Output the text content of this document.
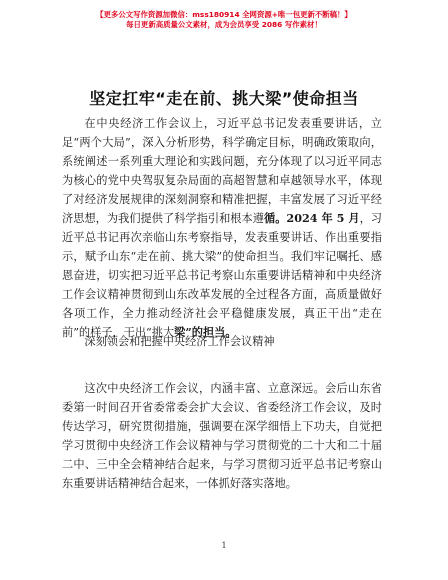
【更多公文写作资源加微信：mss180914 全网资源+唯一包更新不断稿！】
每日更新高质量公文素材，成为会员享受 2086 写作素材！
坚定扛牢“走在前、挑大梁”使命担当

在中央经济工作会议上，习近平总书记发表重要讲话，立足“两个大局”，深入分析形势，科学确定目标，明确政策取向，系统阐述一系列重大理论和实践问题，充分体现了以习近平同志为核心的党中央驾驭复杂局面的高超智慧和卓越领导水平，体现了对经济发展规律的深刻洞察和精准把握，丰富发展了习近平经济思想，为我们提供了科学指引和根本遵循。2024 年 5 月，习近平总书记再次亲临山东考察指导，发表重要讲话、作出重要指示，赋予山东“走在前、挑大梁”的使命担当。我们牢记嘱托、感恩奋进，切实把习近平总书记考察山东重要讲话精神和中央经济工作会议精神贯彻到山东改革发展的全过程各方面，高质量做好各项工作，全力推动经济社会平稳健康发展，真正干出“走在前”的样子，干出“挑大梁”的担当。

深刻领会和把握中央经济工作会议精神

这次中央经济工作会议，内涵丰富、立意深远。会后山东省委第一时间召开省委常委会扩大会议、省委经济工作会议，及时传达学习，研究贯彻措施，强调要在深学细悟上下功夫，自觉把学习贯彻中央经济工作会议精神与学习贯彻党的二十大和二十届二中、三中全会精神结合起来，与学习贯彻习近平总书记考察山东重要讲话精神结合起来，一体抓好落实落地。

1
